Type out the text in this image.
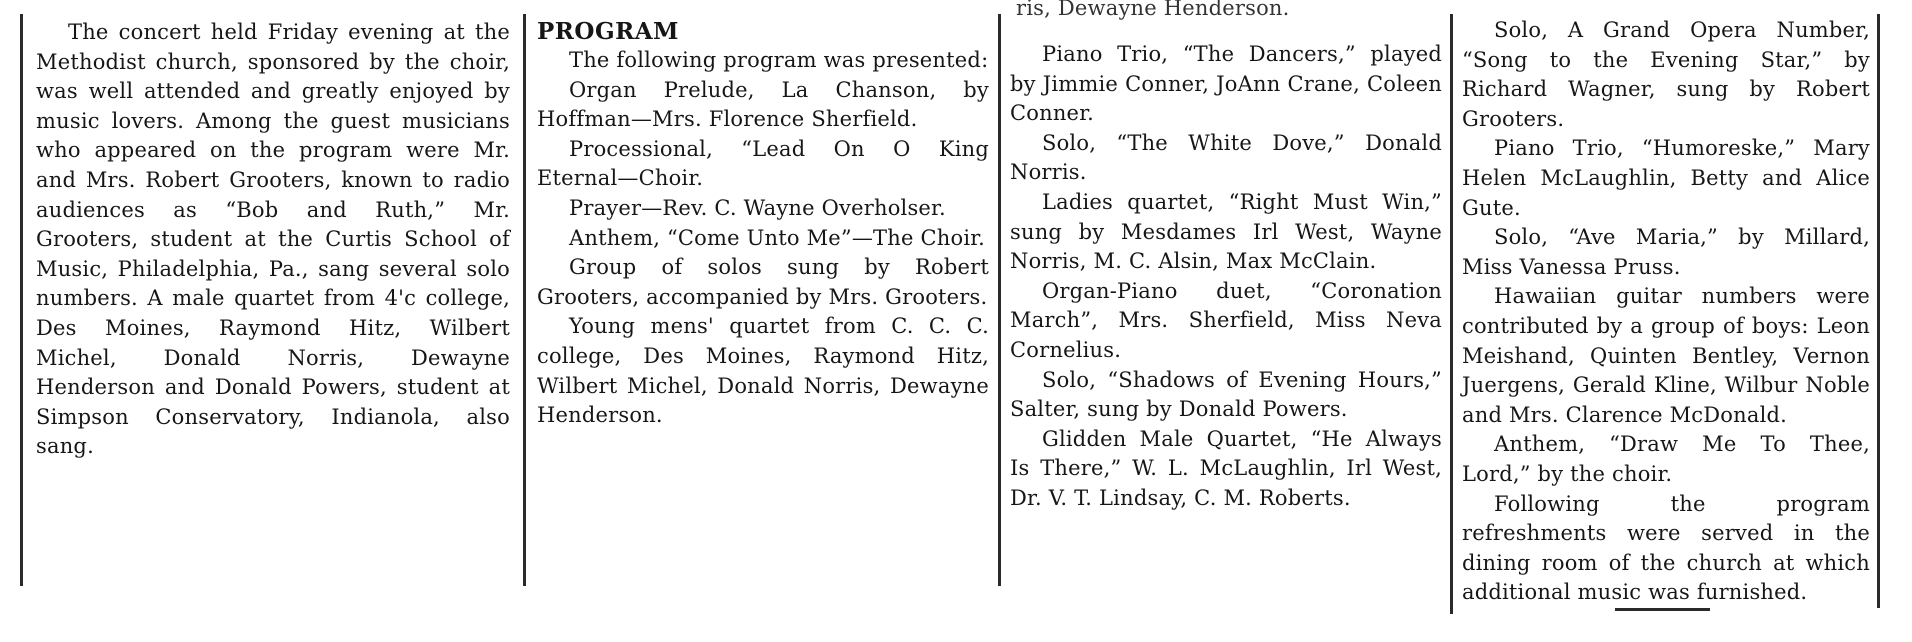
The concert held Friday evening at the Methodist church, sponsored by the choir, was well attended and greatly enjoyed by music lovers. Among the guest musicians who appeared on the program were Mr. and Mrs. Robert Grooters, known to radio audiences as “Bob and Ruth,” Mr. Grooters, student at the Curtis School of Music, Philadelphia, Pa., sang several solo numbers. A male quartet from 4'c college, Des Moines, Raymond Hitz, Wilbert Michel, Donald Norris, Dewayne Henderson and Donald Powers, student at Simpson Conservatory, Indianola, also sang.

PROGRAM

The following program was presented:

Organ Prelude, La Chanson, by Hoffman—Mrs. Florence Sherfield.

Processional, “Lead On O King Eternal—Choir.

Prayer—Rev. C. Wayne Overholser.

Anthem, “Come Unto Me”—The Choir.

Group of solos sung by Robert Grooters, accompanied by Mrs. Grooters.

Young mens' quartet from C. C. C. college, Des Moines, Raymond Hitz, Wilbert Michel, Donald Norris, Dewayne Henderson.

ris, Dewayne Henderson.

Piano Trio, “The Dancers,” played by Jimmie Conner, JoAnn Crane, Coleen Conner.

Solo, “The White Dove,” Donald Norris.

Ladies quartet, “Right Must Win,” sung by Mesdames Irl West, Wayne Norris, M. C. Alsin, Max McClain.

Organ-Piano duet, “Coronation March”, Mrs. Sherfield, Miss Neva Cornelius.

Solo, “Shadows of Evening Hours,” Salter, sung by Donald Powers.

Glidden Male Quartet, “He Always Is There,” W. L. McLaughlin, Irl West, Dr. V. T. Lindsay, C. M. Roberts.

Solo, A Grand Opera Number, “Song to the Evening Star,” by Richard Wagner, sung by Robert Grooters.

Piano Trio, “Humoreske,” Mary Helen McLaughlin, Betty and Alice Gute.

Solo, “Ave Maria,” by Millard, Miss Vanessa Pruss.

Hawaiian guitar numbers were contributed by a group of boys: Leon Meishand, Quinten Bentley, Vernon Juergens, Gerald Kline, Wilbur Noble and Mrs. Clarence McDonald.

Anthem, “Draw Me To Thee, Lord,” by the choir.

Following the program refreshments were served in the dining room of the church at which additional music was furnished.
